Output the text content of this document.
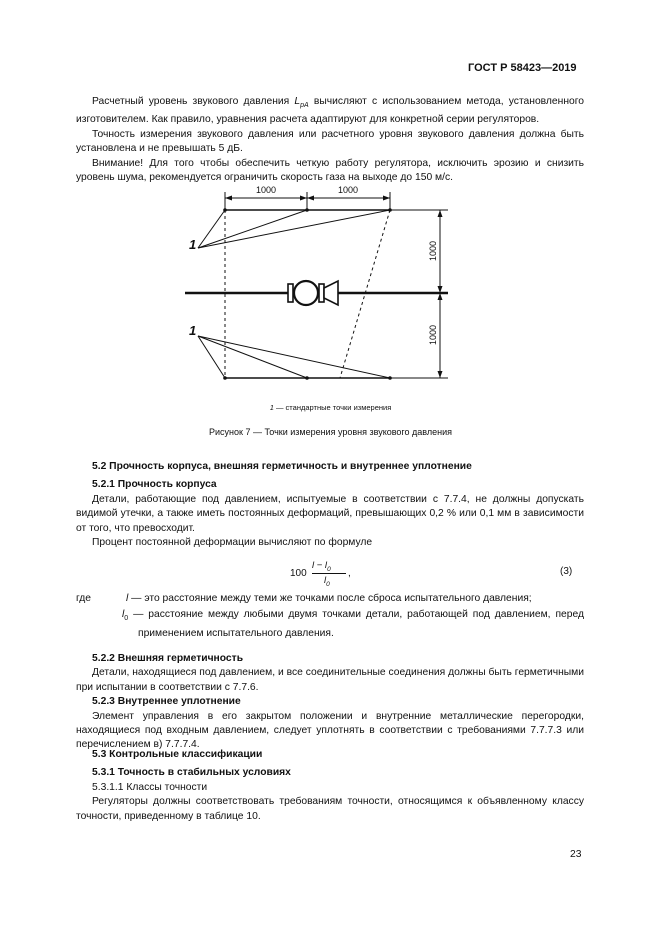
ГОСТ Р 58423—2019

Расчетный уровень звукового давления $L_{pA}$ вычисляют с использованием метода, установленного изготовителем. Как правило, уравнения расчета адаптируют для конкретной серии регуляторов.

Точность измерения звукового давления или расчетного уровня звукового давления должна быть установлена и не превышать 5 дБ.

Внимание! Для того чтобы обеспечить четкую работу регулятора, исключить эрозию и снизить уровень шума, рекомендуется ограничить скорость газа на выходе до 150 м/с.

1000	1000
1000
1000
1
1
1 — стандартные точки измерения
Рисунок 7 — Точки измерения уровня звукового давления

5.2 Прочность корпуса, внешняя герметичность и внутреннее уплотнение

5.2.1 Прочность корпуса

Детали, работающие под давлением, испытуемые в соответствии с 7.7.4, не должны допускать видимой утечки, а также иметь постоянных деформаций, превышающих 0,2 % или 0,1 мм в зависимости от того, что превосходит.

Процент постоянной деформации вычисляют по формуле

100
$l - l_0$
$l_0$
,	(3)
где	l — это расстояние между теми же точками после сброса испытательного давления;
$l_0$ — расстояние между любыми двумя точками детали, работающей под давлением, перед применением испытательного давления.

5.2.2 Внешняя герметичность

Детали, находящиеся под давлением, и все соединительные соединения должны быть герметичными при испытании в соответствии с 7.7.6.

5.2.3 Внутреннее уплотнение

Элемент управления в его закрытом положении и внутренние металлические перегородки, находящиеся под входным давлением, следует уплотнять в соответствии с требованиями 7.7.7.3 или перечислением в) 7.7.7.4.

5.3 Контрольные классификации

5.3.1 Точность в стабильных условиях

5.3.1.1 Классы точности

Регуляторы должны соответствовать требованиям точности, относящимся к объявленному классу точности, приведенному в таблице 10.

23
